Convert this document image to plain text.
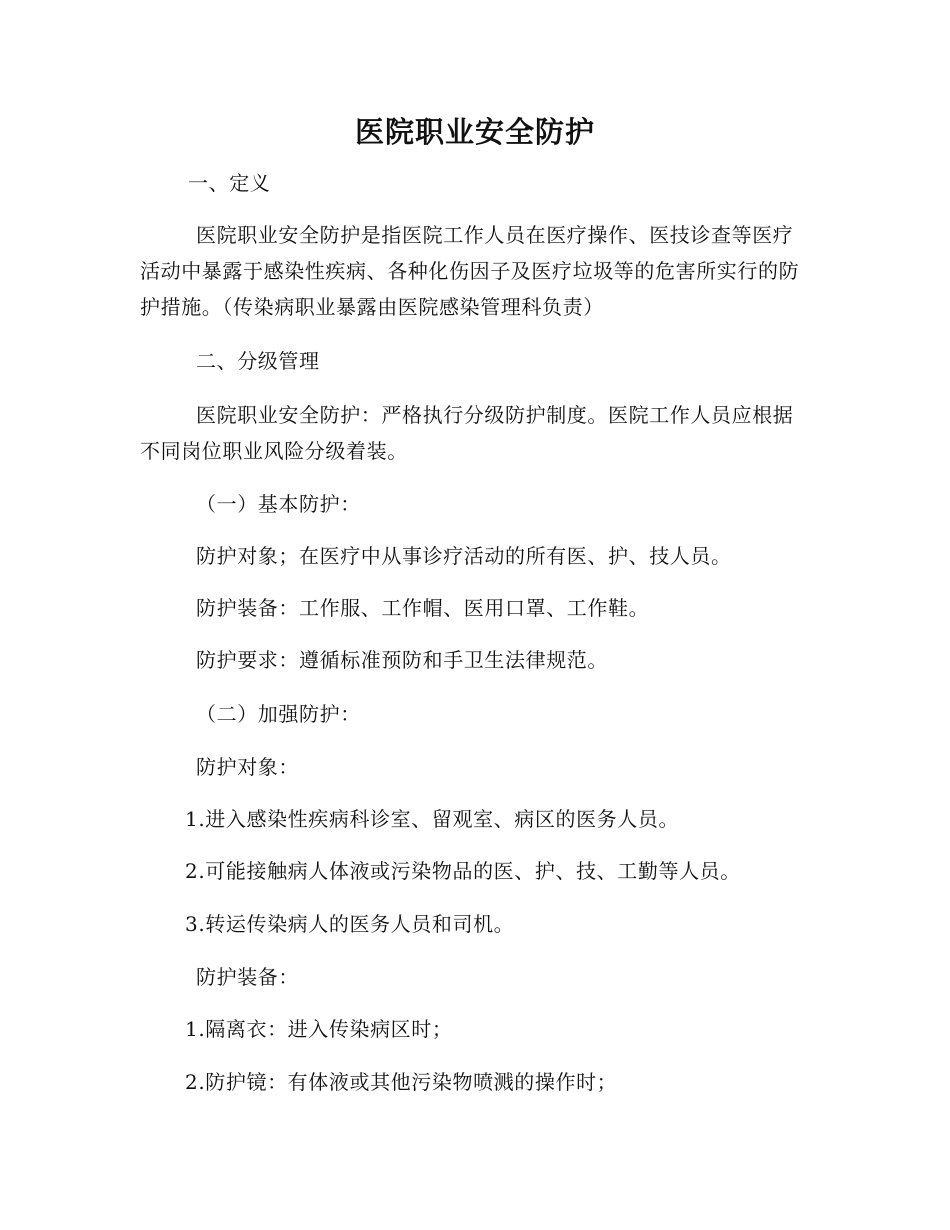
医院职业安全防护
一、定义
医院职业安全防护是指医院工作人员在医疗操作、医技诊查等医疗活动中暴露于感染性疾病、各种化伤因子及医疗垃圾等的危害所实行的防护措施。（传染病职业暴露由医院感染管理科负责）
二、分级管理
医院职业安全防护：严格执行分级防护制度。医院工作人员应根据不同岗位职业风险分级着装。
（一）基本防护：
防护对象；在医疗中从事诊疗活动的所有医、护、技人员。
防护装备：工作服、工作帽、医用口罩、工作鞋。
防护要求：遵循标准预防和手卫生法律规范。
（二）加强防护：
防护对象：
1.进入感染性疾病科诊室、留观室、病区的医务人员。
2.可能接触病人体液或污染物品的医、护、技、工勤等人员。
3.转运传染病人的医务人员和司机。
防护装备：
1.隔离衣：进入传染病区时；
2.防护镜：有体液或其他污染物喷溅的操作时；
